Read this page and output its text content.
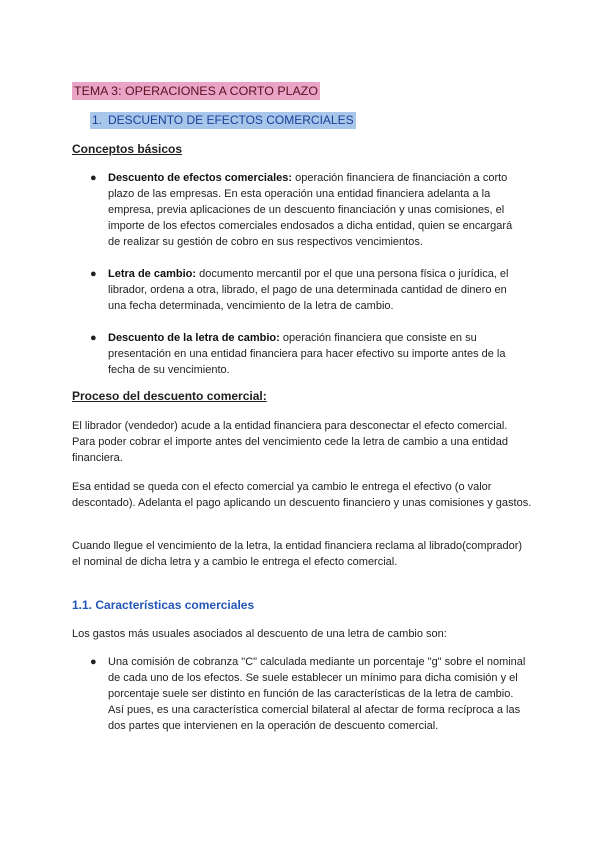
TEMA 3: OPERACIONES A CORTO PLAZO
1. DESCUENTO DE EFECTOS COMERCIALES
Conceptos básicos
● Descuento de efectos comerciales: operación financiera de financiación a corto plazo de las empresas. En esta operación una entidad financiera adelanta a la empresa, previa aplicaciones de un descuento financiación y unas comisiones, el importe de los efectos comerciales endosados a dicha entidad, quien se encargará de realizar su gestión de cobro en sus respectivos vencimientos.
● Letra de cambio: documento mercantil por el que una persona física o jurídica, el librador, ordena a otra, librado, el pago de una determinada cantidad de dinero en una fecha determinada, vencimiento de la letra de cambio.
● Descuento de la letra de cambio: operación financiera que consiste en su presentación en una entidad financiera para hacer efectivo su importe antes de la fecha de su vencimiento.
Proceso del descuento comercial:
El librador (vendedor) acude a la entidad financiera para desconectar el efecto comercial. Para poder cobrar el importe antes del vencimiento cede la letra de cambio a una entidad financiera.
Esa entidad se queda con el efecto comercial ya cambio le entrega el efectivo (o valor descontado). Adelanta el pago aplicando un descuento financiero y unas comisiones y gastos.
Cuando llegue el vencimiento de la letra, la entidad financiera reclama al librado(comprador) el nominal de dicha letra y a cambio le entrega el efecto comercial.
1.1. Características comerciales
Los gastos más usuales asociados al descuento de una letra de cambio son:
● Una comisión de cobranza "C" calculada mediante un porcentaje "g" sobre el nominal de cada uno de los efectos. Se suele establecer un mínimo para dicha comisión y el porcentaje suele ser distinto en función de las características de la letra de cambio. Así pues, es una característica comercial bilateral al afectar de forma recíproca a las dos partes que intervienen en la operación de descuento comercial.
